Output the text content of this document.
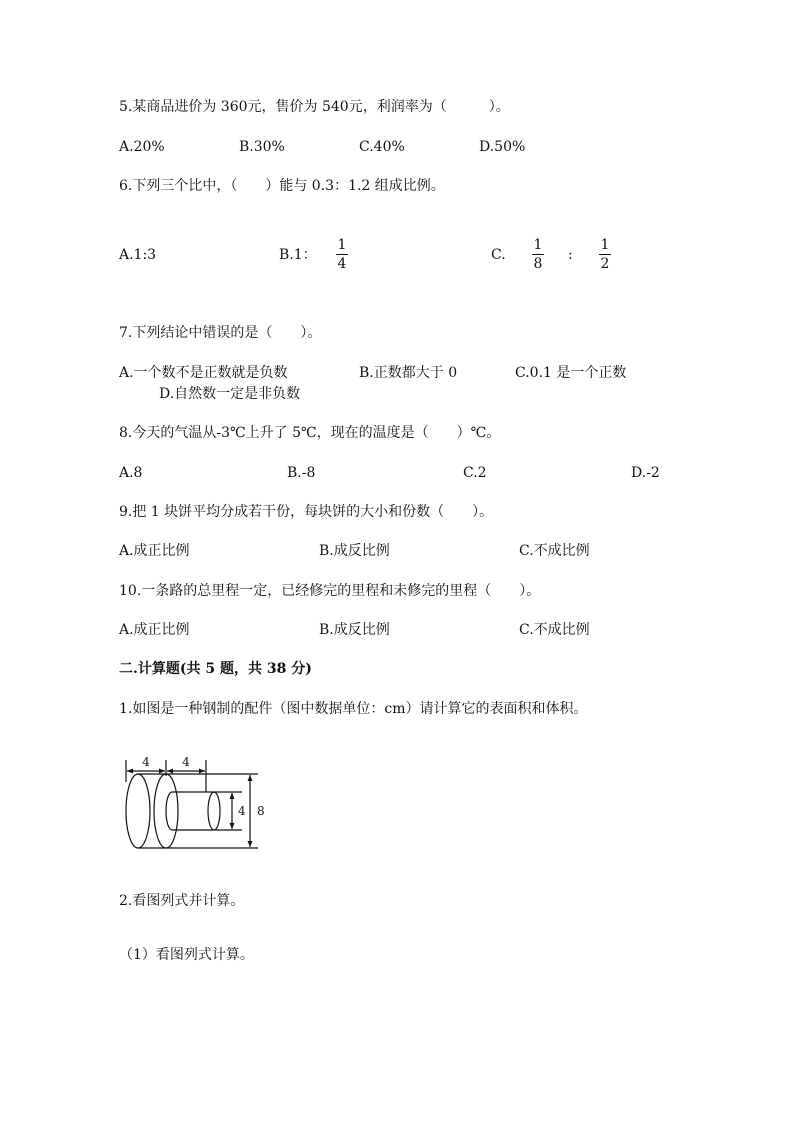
5.某商品进价为 360元，售价为 540元，利润率为（　　　）。
A.20%	B.30%	C.40%	D.50%
6.下列三个比中，（　　）能与 0.3：1.2 组成比例。
A.1:3	B.1：
1
4
C.
1
8
:
1
2
7.下列结论中错误的是（　　）。
A.一个数不是正数就是负数	B.正数都大于 0	C.0.1 是一个正数
D.自然数一定是非负数
8.今天的气温从-3℃上升了 5℃，现在的温度是（　　）℃。
A.8	B.-8	C.2	D.-2
9.把 1 块饼平均分成若干份，每块饼的大小和份数（　　）。
A.成正比例	B.成反比例	C.不成比例
10.一条路的总里程一定，已经修完的里程和未修完的里程（　　）。
A.成正比例	B.成反比例	C.不成比例
二.计算题(共 5 题，共 38 分)
1.如图是一种钢制的配件（图中数据单位：cm）请计算它的表面积和体积。
4	4
4 8
2.看图列式并计算。
（1）看图列式计算。
